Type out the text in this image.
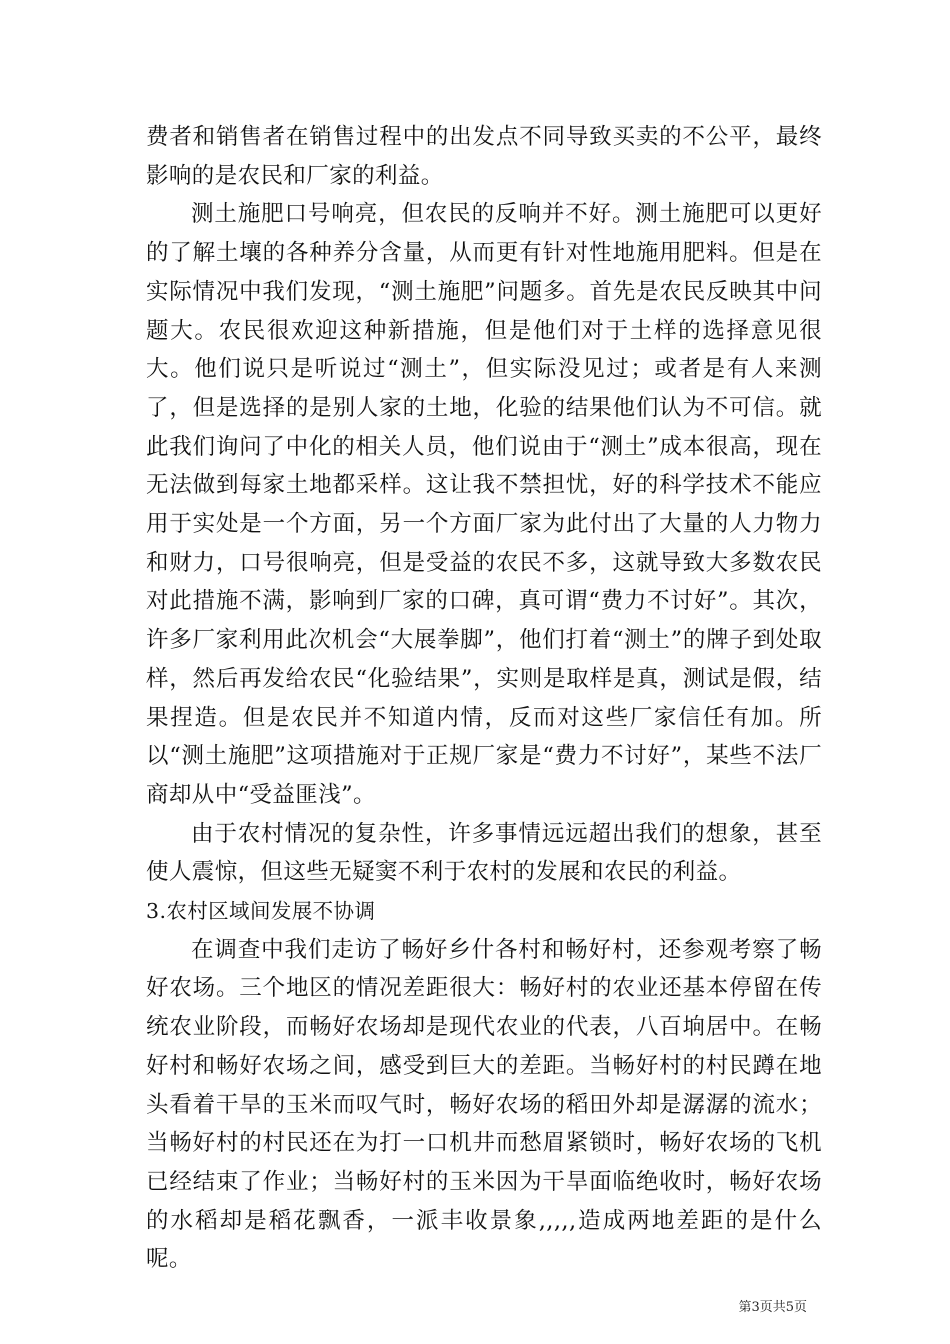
费者和销售者在销售过程中的出发点不同导致买卖的不公平，最终影响的是农民和厂家的利益。

测土施肥口号响亮，但农民的反响并不好。测土施肥可以更好的了解土壤的各种养分含量，从而更有针对性地施用肥料。但是在实际情况中我们发现，“测土施肥”问题多。首先是农民反映其中问题大。农民很欢迎这种新措施，但是他们对于土样的选择意见很大。他们说只是听说过“测土”，但实际没见过；或者是有人来测了，但是选择的是别人家的土地，化验的结果他们认为不可信。就此我们询问了中化的相关人员，他们说由于“测土”成本很高，现在无法做到每家土地都采样。这让我不禁担忧，好的科学技术不能应用于实处是一个方面，另一个方面厂家为此付出了大量的人力物力和财力，口号很响亮，但是受益的农民不多，这就导致大多数农民对此措施不满，影响到厂家的口碑，真可谓“费力不讨好”。其次，许多厂家利用此次机会“大展拳脚”，他们打着“测土”的牌子到处取样，然后再发给农民“化验结果”，实则是取样是真，测试是假，结果捏造。但是农民并不知道内情，反而对这些厂家信任有加。所以“测土施肥”这项措施对于正规厂家是“费力不讨好”，某些不法厂商却从中“受益匪浅”。

由于农村情况的复杂性，许多事情远远超出我们的想象，甚至使人震惊，但这些无疑窦不利于农村的发展和农民的利益。

3.农村区域间发展不协调

在调查中我们走访了畅好乡什各村和畅好村，还参观考察了畅好农场。三个地区的情况差距很大：畅好村的农业还基本停留在传统农业阶段，而畅好农场却是现代农业的代表，八百垧居中。在畅好村和畅好农场之间，感受到巨大的差距。当畅好村的村民蹲在地头看着干旱的玉米而叹气时，畅好农场的稻田外却是潺潺的流水；当畅好村的村民还在为打一口机井而愁眉紧锁时，畅好农场的飞机已经结束了作业；当畅好村的玉米因为干旱面临绝收时，畅好农场的水稻却是稻花飘香，一派丰收景象,,,,,造成两地差距的是什么呢。

第3页共5页
